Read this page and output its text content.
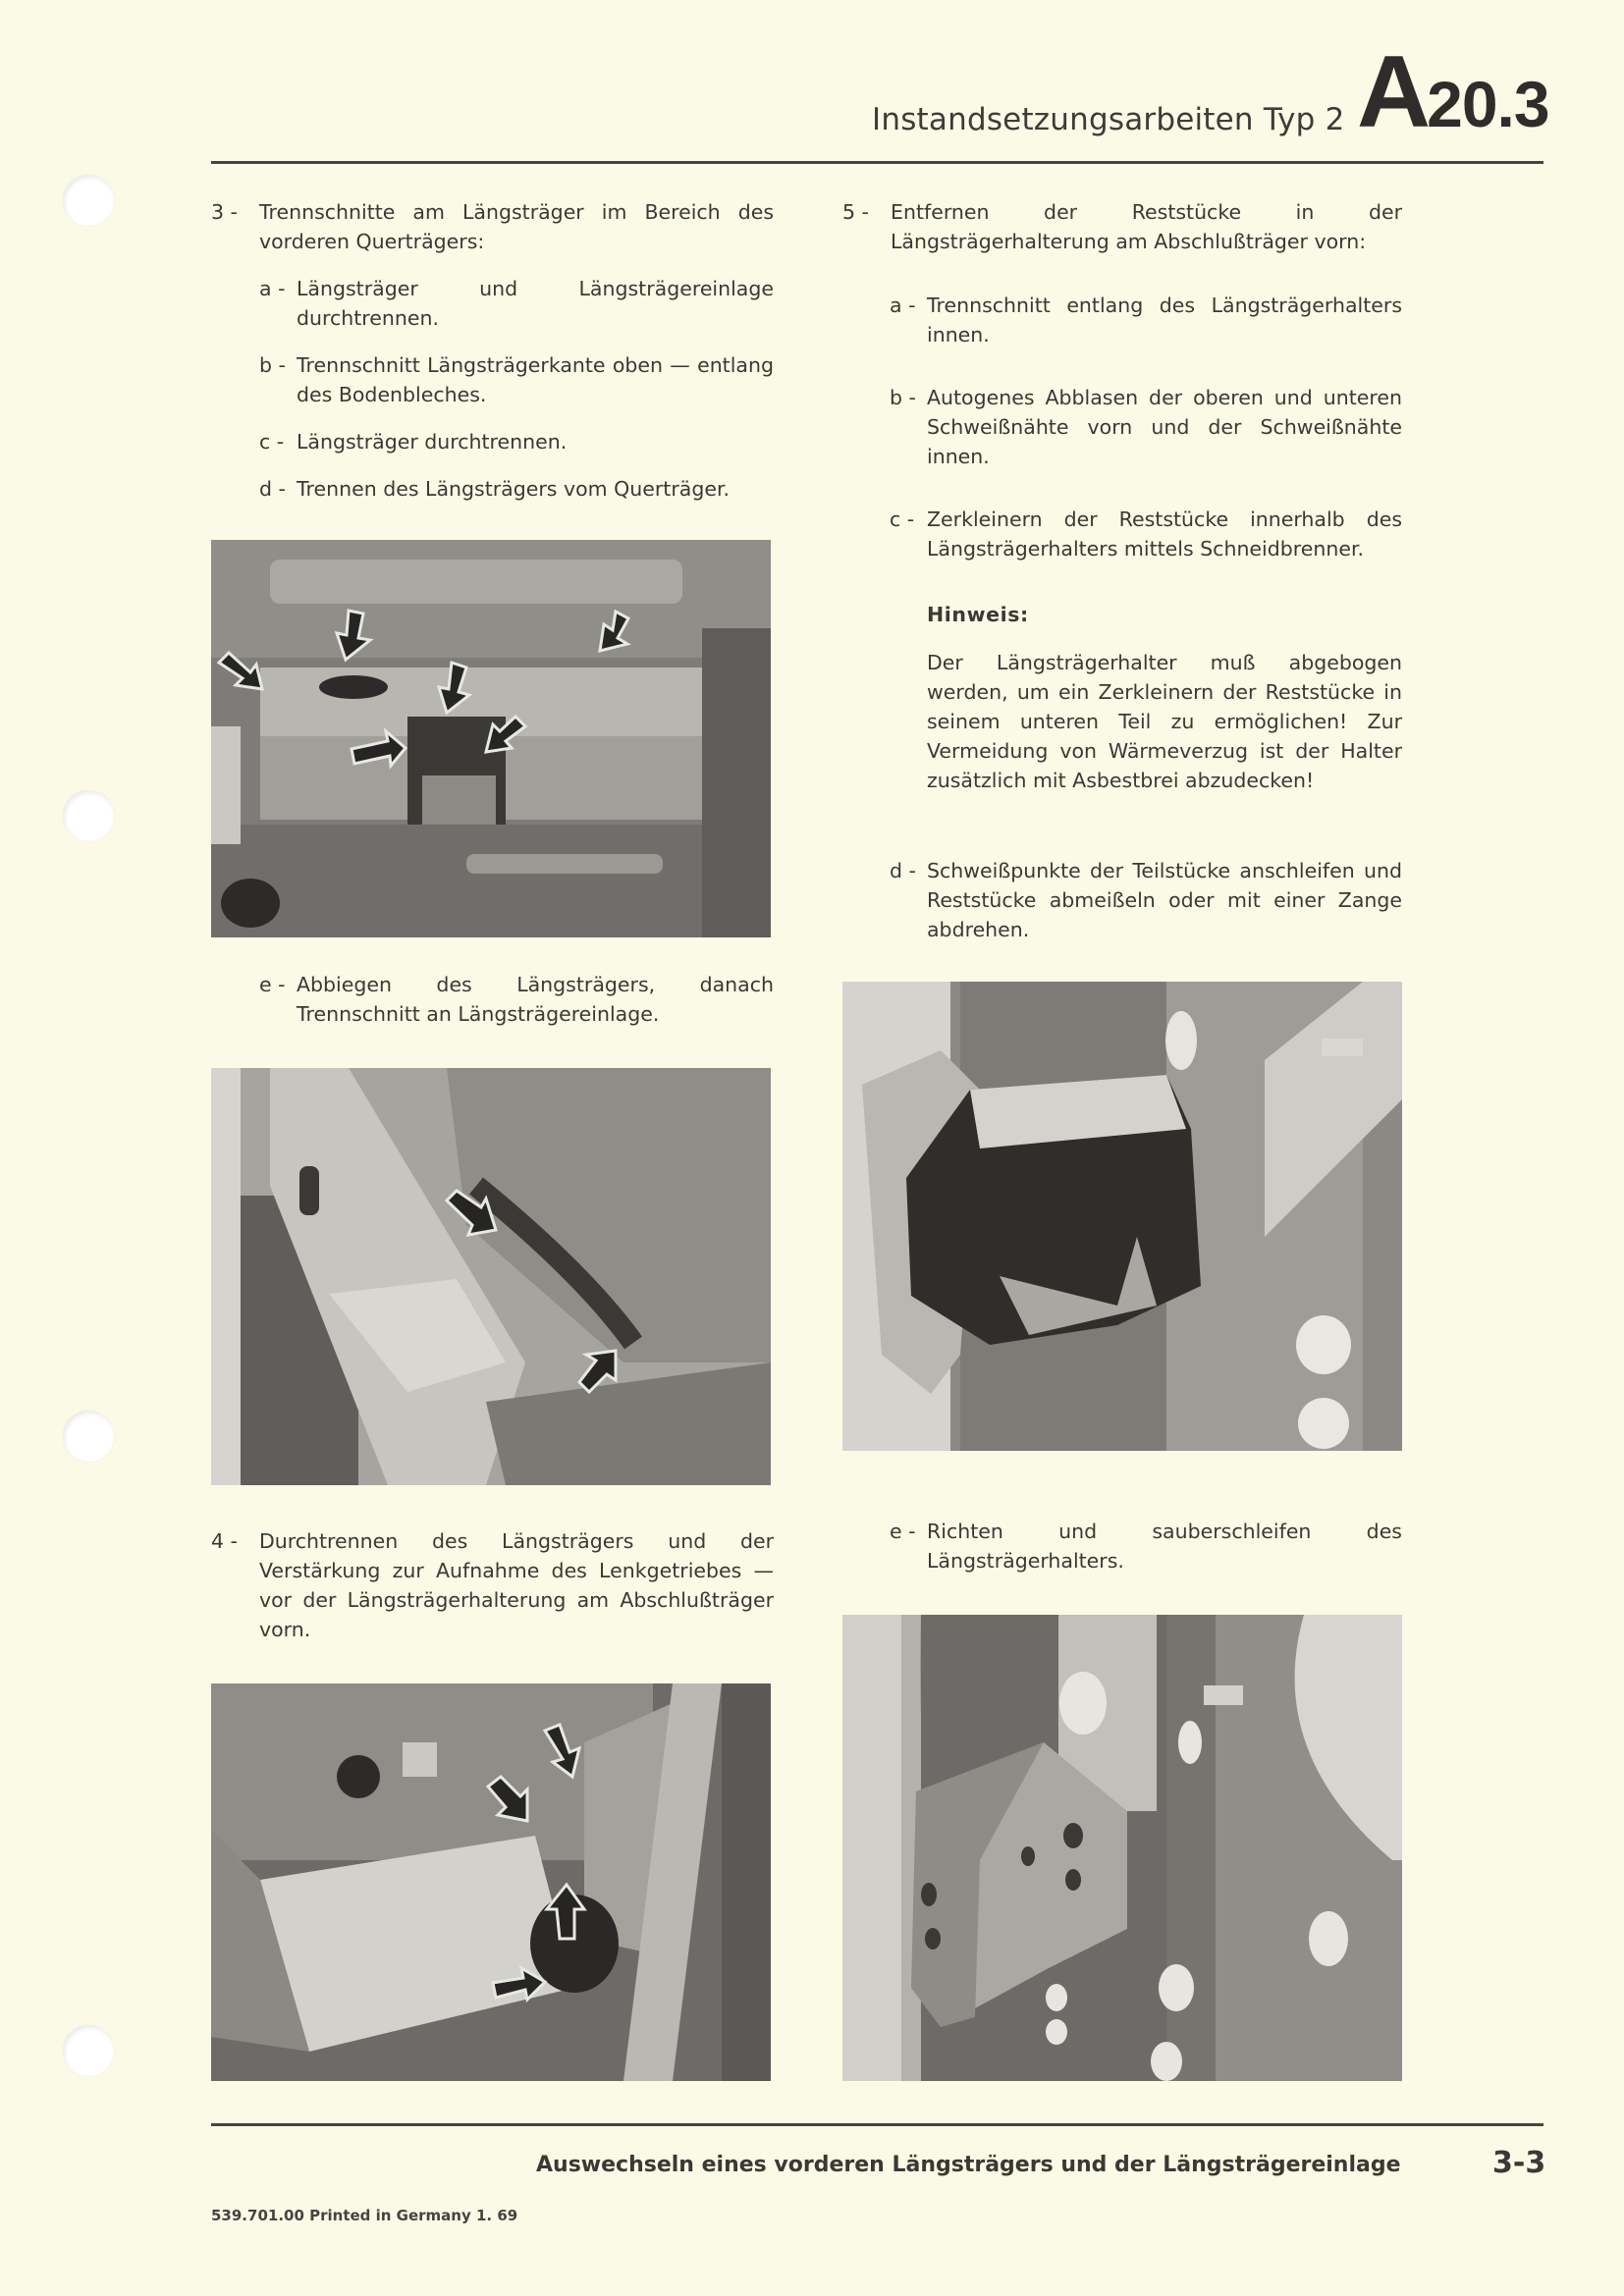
Instandsetzungsarbeiten Typ 2 A20.3
3 - Trennschnitte am Längsträger im Bereich des vorderen Querträgers:
a - Längsträger und Längsträgereinlage durchtrennen.
b - Trennschnitt Längsträgerkante oben — entlang des Bodenbleches.
c - Längsträger durchtrennen.
d - Trennen des Längsträgers vom Querträger.
e - Abbiegen des Längsträgers, danach Trennschnitt an Längsträgereinlage.
4 - Durchtrennen des Längsträgers und der Verstärkung zur Aufnahme des Lenkgetriebes — vor der Längsträgerhalterung am Abschlußträger vorn.
5 - Entfernen der Reststücke in der Längsträgerhalterung am Abschlußträger vorn:
a - Trennschnitt entlang des Längsträgerhalters innen.
b - Autogenes Abblasen der oberen und unteren Schweißnähte vorn und der Schweißnähte innen.
c - Zerkleinern der Reststücke innerhalb des Längsträgerhalters mittels Schneidbrenner.
Hinweis:
Der Längsträgerhalter muß abgebogen werden, um ein Zerkleinern der Reststücke in seinem unteren Teil zu ermöglichen! Zur Vermeidung von Wärmeverzug ist der Halter zusätzlich mit Asbestbrei abzudecken!
d - Schweißpunkte der Teilstücke anschleifen und Reststücke abmeißeln oder mit einer Zange abdrehen.
e - Richten und sauberschleifen des Längsträgerhalters.
Auswechseln eines vorderen Längsträgers und der Längsträgereinlage	3-3
539.701.00 Printed in Germany 1. 69
